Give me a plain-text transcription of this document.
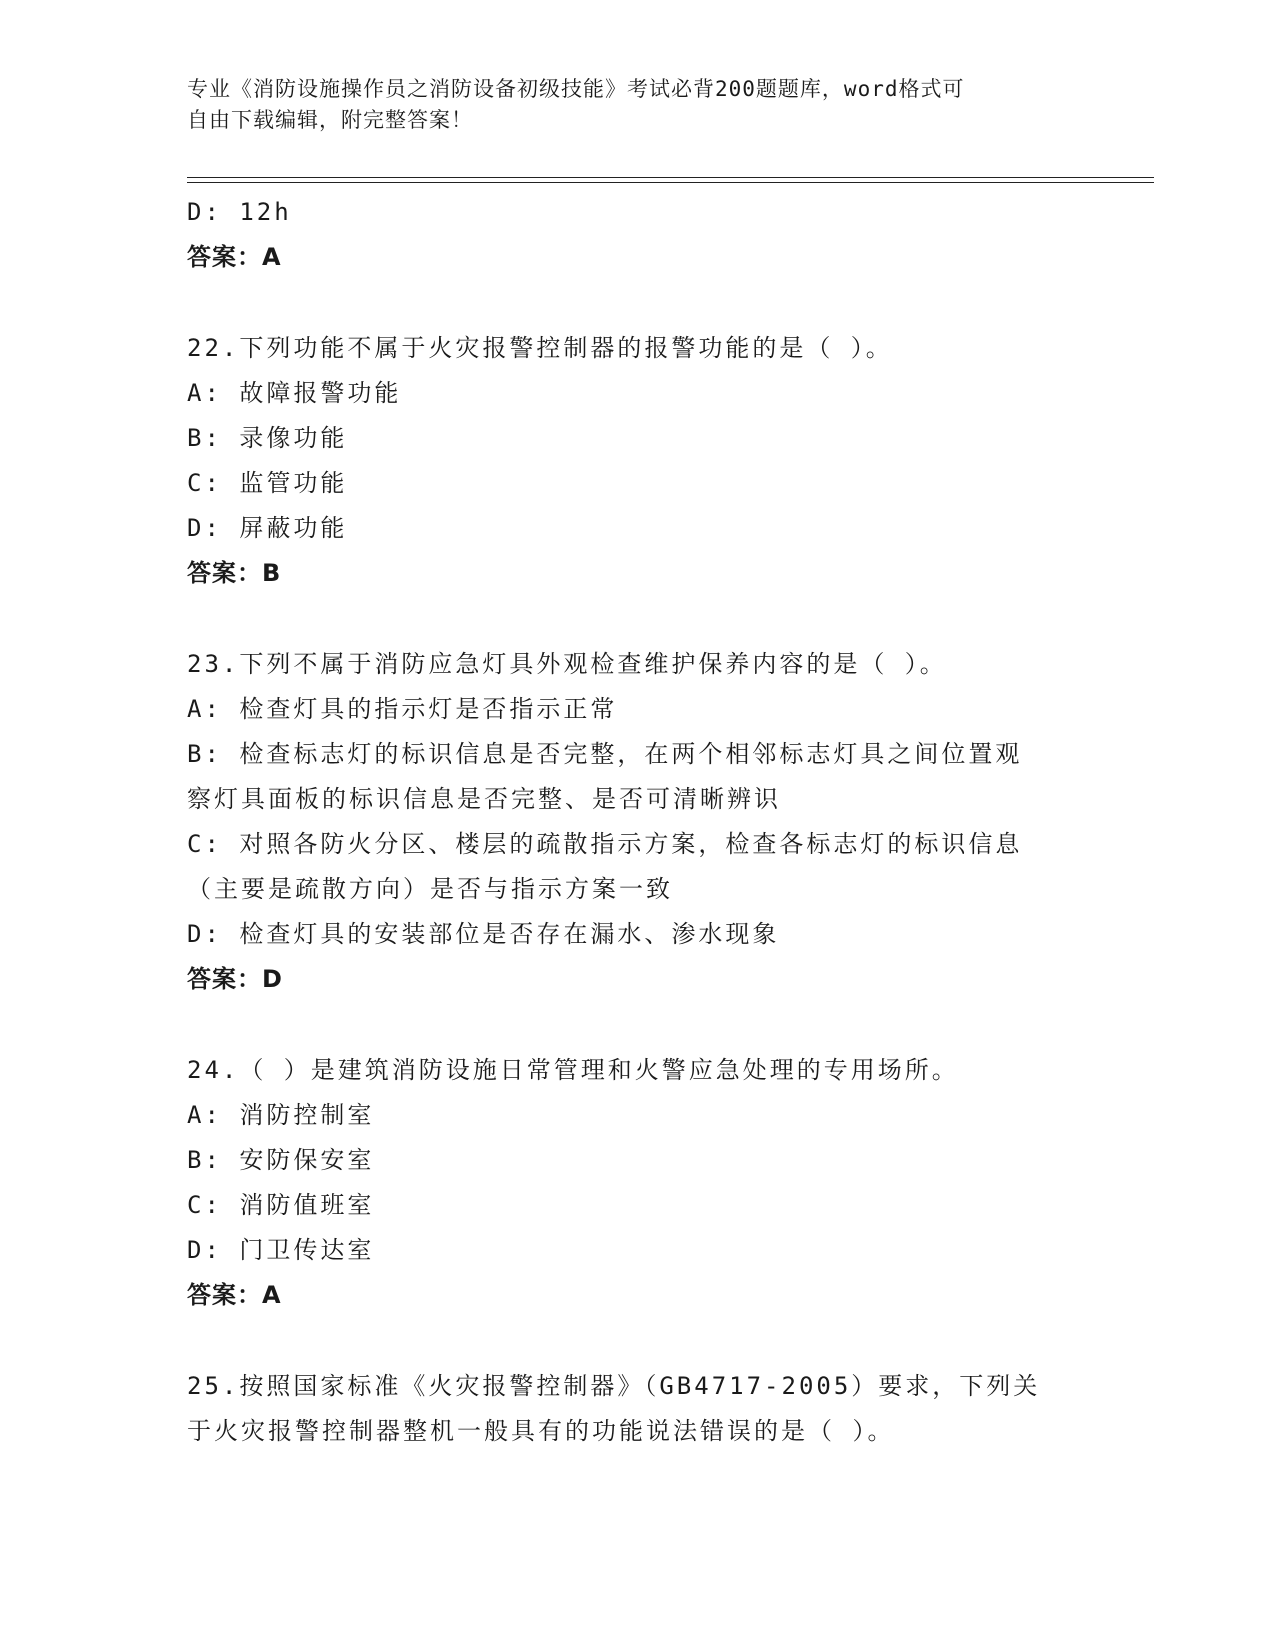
专业《消防设施操作员之消防设备初级技能》考试必背200题题库，word格式可
自由下载编辑，附完整答案！
D: 12h
答案：A
22.下列功能不属于火灾报警控制器的报警功能的是（ ）。
A: 故障报警功能
B: 录像功能
C: 监管功能
D: 屏蔽功能
答案：B
23.下列不属于消防应急灯具外观检查维护保养内容的是（ ）。
A: 检查灯具的指示灯是否指示正常
B: 检查标志灯的标识信息是否完整，在两个相邻标志灯具之间位置观
察灯具面板的标识信息是否完整、是否可清晰辨识
C: 对照各防火分区、楼层的疏散指示方案，检查各标志灯的标识信息
（主要是疏散方向）是否与指示方案一致
D: 检查灯具的安装部位是否存在漏水、渗水现象
答案：D
24.（ ）是建筑消防设施日常管理和火警应急处理的专用场所。
A: 消防控制室
B: 安防保安室
C: 消防值班室
D: 门卫传达室
答案：A
25.按照国家标准《火灾报警控制器》（GB4717-2005）要求，下列关
于火灾报警控制器整机一般具有的功能说法错误的是（ ）。
